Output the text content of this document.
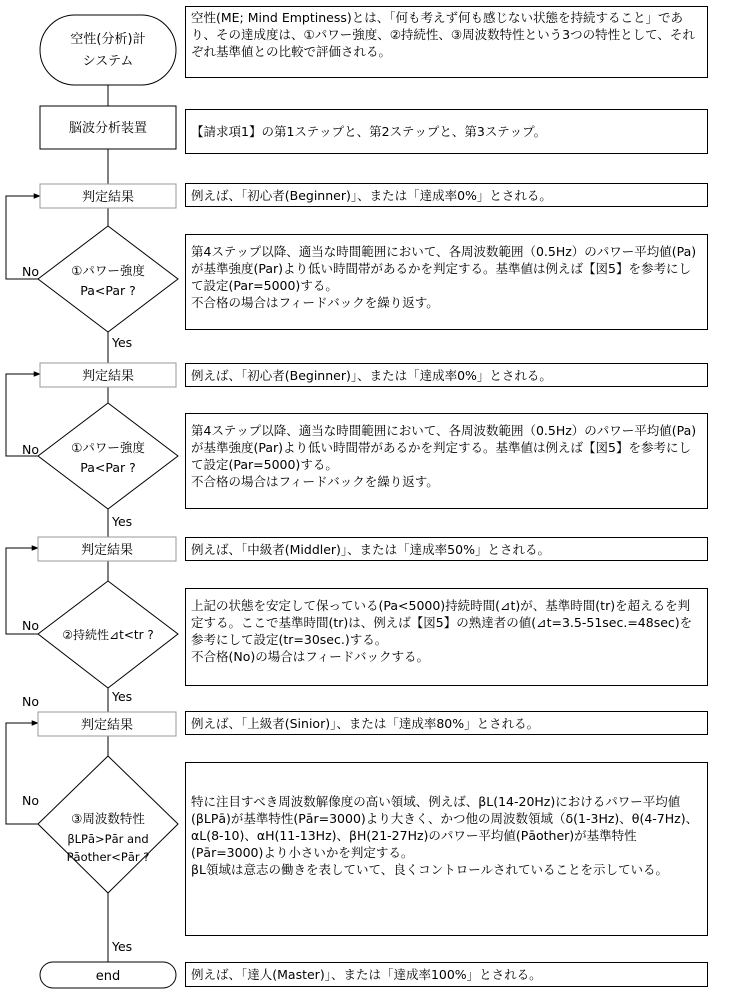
空性(分析)計
システム
脳波分析装置
判定結果
判定結果
判定結果
判定結果
①パワー強度
Pa<Par ?
①パワー強度
Pa<Par ?
②持続性⊿t<tr ?
③周波数特性
βLPā>Pār and
Pāother<Pār ?
end
No
Yes
No
Yes
No
Yes
No
No
Yes
空性(ME; Mind Emptiness)とは、「何も考えず何も感じない状態を持続すること」であり、その達成度は、①パワー強度、②持続性、③周波数特性という3つの特性として、それぞれ基準値との比較で評価される。
【請求項1】の第1ステップと、第2ステップと、第3ステップ。
例えば、「初心者(Beginner)」、または「達成率0%」とされる。
第4ステップ以降、適当な時間範囲において、各周波数範囲（0.5Hz）のパワー平均値(Pa)が基準強度(Par)より低い時間帯があるかを判定する。基準値は例えば【図5】を参考にして設定(Par=5000)する。
不合格の場合はフィードバックを繰り返す。
例えば、「初心者(Beginner)」、または「達成率0%」とされる。
第4ステップ以降、適当な時間範囲において、各周波数範囲（0.5Hz）のパワー平均値(Pa)が基準強度(Par)より低い時間帯があるかを判定する。基準値は例えば【図5】を参考にして設定(Par=5000)する。
不合格の場合はフィードバックを繰り返す。
例えば、「中級者(Middler)」、または「達成率50%」とされる。
上記の状態を安定して保っている(Pa<5000)持続時間(⊿t)が、基準時間(tr)を超えるを判定する。ここで基準時間(tr)は、例えば【図5】の熟達者の値(⊿t=3.5-51sec.=48sec)を参考にして設定(tr=30sec.)する。
不合格(No)の場合はフィードバックする。
例えば、「上級者(Sinior)」、または「達成率80%」とされる。
特に注目すべき周波数解像度の高い領域、例えば、βL(14-20Hz)におけるパワー平均値(βLPā)が基準特性(Pār=3000)より大きく、かつ他の周波数領域（δ(1-3Hz)、θ(4-7Hz)、αL(8-10)、αH(11-13Hz)、βH(21-27Hz)のパワー平均値(Pāother)が基準特性(Pār=3000)より小さいかを判定する。
βL領域は意志の働きを表していて、良くコントロールされていることを示している。
例えば、「達人(Master)」、または「達成率100%」とされる。
